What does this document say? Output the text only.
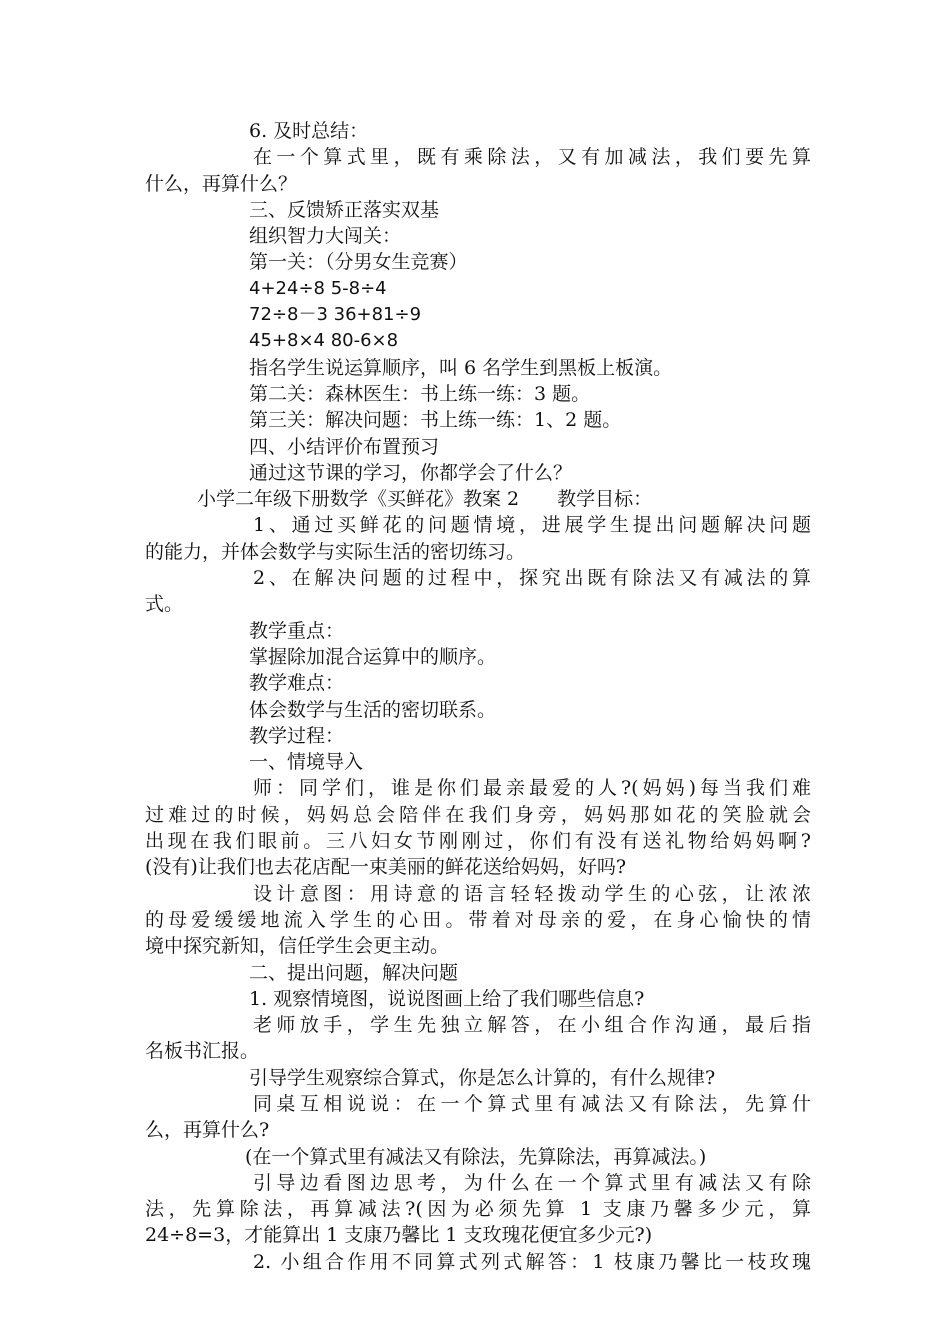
6. 及时总结：

在一个算式里，既有乘除法，又有加减法，我们要先算

什么，再算什么？

三、反馈矫正落实双基

组织智力大闯关：

第一关：（分男女生竞赛）

4+24÷8 5-8÷4

72÷8－3 36+81÷9

45+8×4 80-6×8

指名学生说运算顺序，叫 6 名学生到黑板上板演。

第二关：森林医生：书上练一练：3 题。

第三关：解决问题：书上练一练：1、2 题。

四、小结评价布置预习

通过这节课的学习，你都学会了什么？

小学二年级下册数学《买鲜花》教案 2　　教学目标：

1、通过买鲜花的问题情境，进展学生提出问题解决问题

的能力，并体会数学与实际生活的密切练习。

2、在解决问题的过程中，探究出既有除法又有减法的算

式。

教学重点：

掌握除加混合运算中的顺序。

教学难点：

体会数学与生活的密切联系。

教学过程：

一、情境导入

师：同学们，谁是你们最亲最爱的人?(妈妈)每当我们难
过难过的时候，妈妈总会陪伴在我们身旁，妈妈那如花的笑脸就会
出现在我们眼前。三八妇女节刚刚过，你们有没有送礼物给妈妈啊?

(没有)让我们也去花店配一束美丽的鲜花送给妈妈，好吗?

设计意图：用诗意的语言轻轻拨动学生的心弦，让浓浓
的母爱缓缓地流入学生的心田。带着对母亲的爱，在身心愉快的情

境中探究新知，信任学生会更主动。

二、提出问题，解决问题

1. 观察情境图，说说图画上给了我们哪些信息?

老师放手，学生先独立解答，在小组合作沟通，最后指

名板书汇报。

引导学生观察综合算式，你是怎么计算的，有什么规律?

同桌互相说说：在一个算式里有减法又有除法，先算什

么，再算什么?

(在一个算式里有减法又有除法，先算除法，再算减法。)

引导边看图边思考，为什么在一个算式里有减法又有除
法，先算除法，再算减法?(因为必须先算 1 支康乃馨多少元，算

24÷8=3，才能算出 1 支康乃馨比 1 支玫瑰花便宜多少元?)

2. 小组合作用不同算式列式解答：1 枝康乃馨比一枝玫瑰
